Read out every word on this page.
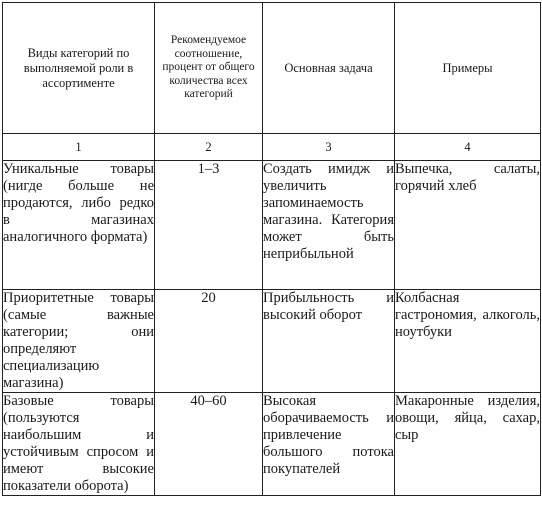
Виды категорий по выполняемой роли в ассортименте	Рекомендуемое соотношение, процент от общего количества всех категорий	Основная задача	Примеры
1	2	3	4
Уникальные товары (нигде больше не продаются, либо редко в магазинах аналогичного формата)	1–3	Создать имидж и увеличить запоминаемость магазина. Категория может быть неприбыльной	Выпечка, салаты, горячий хлеб
Приоритетные товары (самые важные категории; они определяют специализацию магазина)	20	Прибыльность и высокий оборот	Колбасная гастрономия, алкоголь, ноутбуки
Базовые товары (пользуются наибольшим и устойчивым спросом и имеют высокие показатели оборота)	40–60	Высокая оборачиваемость и привлечение большого потока покупателей	Макаронные изделия, овощи, яйца, сахар, сыр
